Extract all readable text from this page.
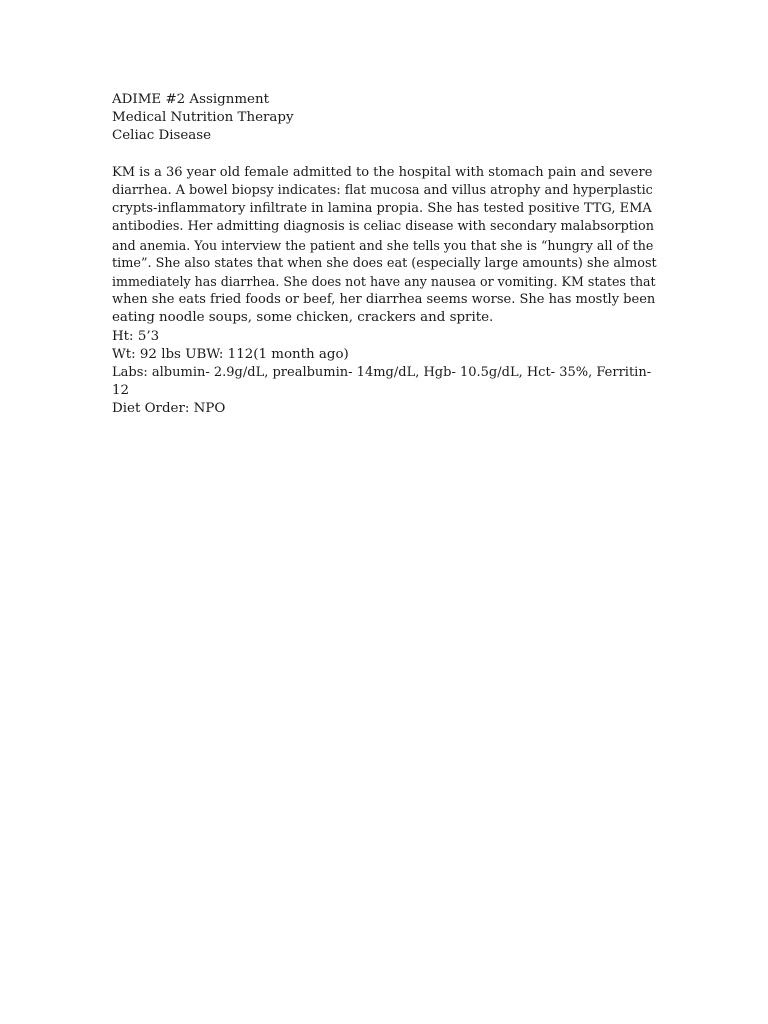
ADIME #2 Assignment
Medical Nutrition Therapy
Celiac Disease
KM is a 36 year old female admitted to the hospital with stomach pain and severe
diarrhea. A bowel biopsy indicates: flat mucosa and villus atrophy and hyperplastic
crypts-inflammatory infiltrate in lamina propia. She has tested positive TTG, EMA
antibodies. Her admitting diagnosis is celiac disease with secondary malabsorption
and anemia. You interview the patient and she tells you that she is “hungry all of the
time”. She also states that when she does eat (especially large amounts) she almost
immediately has diarrhea. She does not have any nausea or vomiting. KM states that
when she eats fried foods or beef, her diarrhea seems worse. She has mostly been
eating noodle soups, some chicken, crackers and sprite.
Ht: 5’3
Wt: 92 lbs UBW: 112(1 month ago)
Labs: albumin- 2.9g/dL, prealbumin- 14mg/dL, Hgb- 10.5g/dL, Hct- 35%, Ferritin-
12
Diet Order: NPO
